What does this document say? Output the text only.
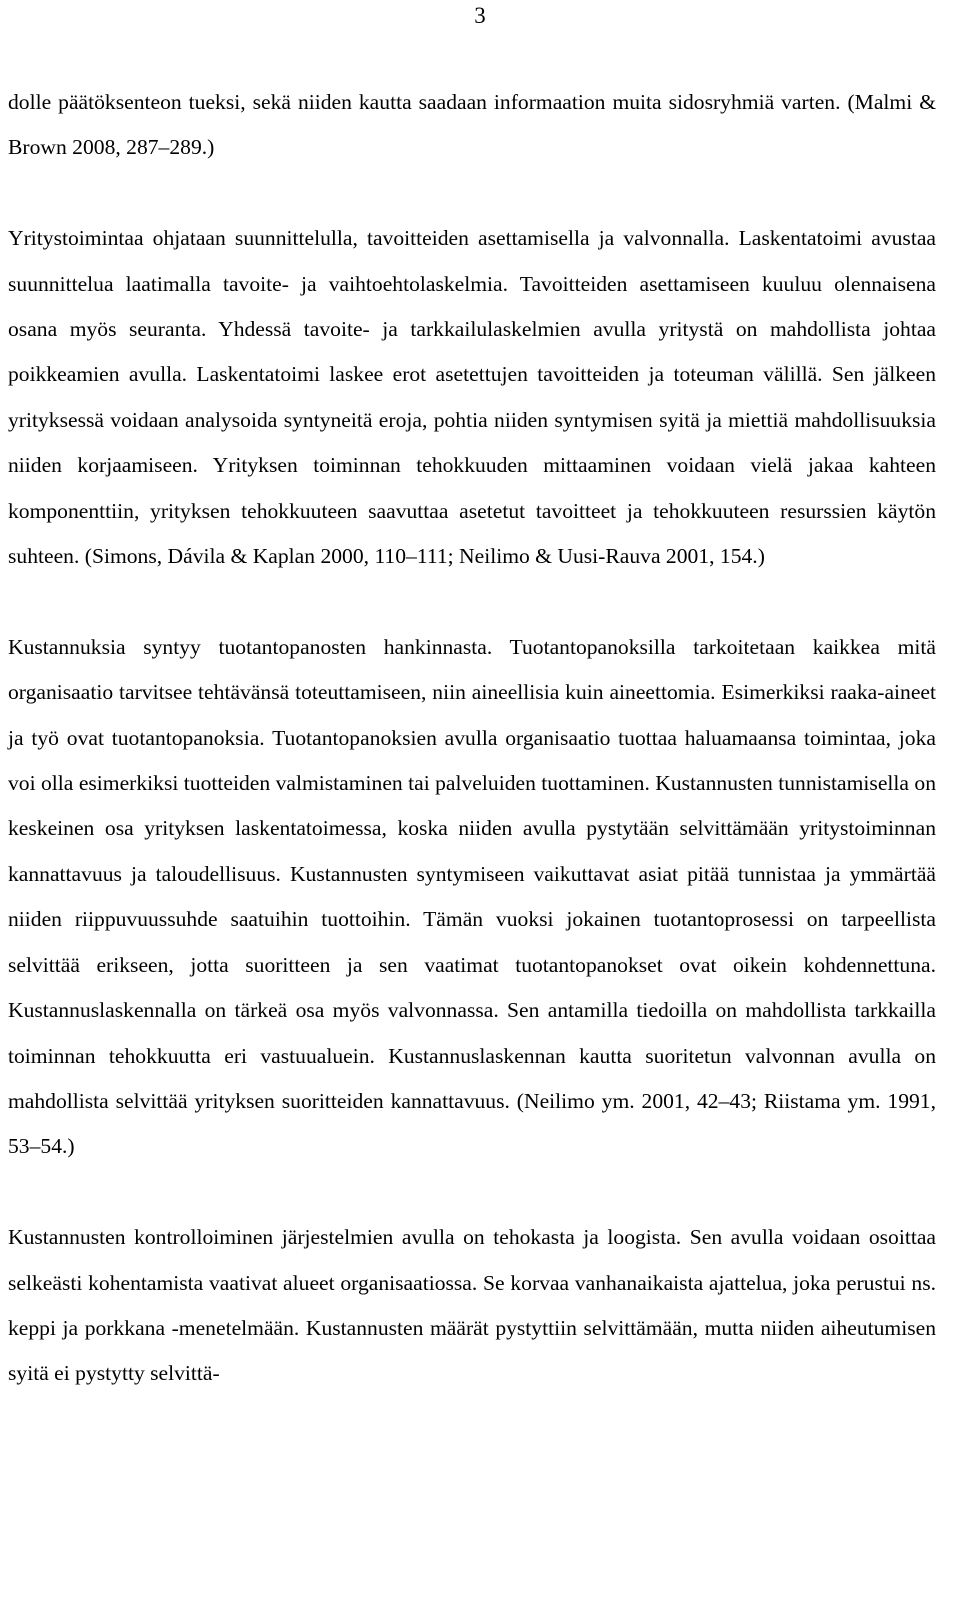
3

dolle päätöksenteon tueksi, sekä niiden kautta saadaan informaation muita sidosryhmiä varten. (Malmi & Brown 2008, 287–289.)

Yritystoimintaa ohjataan suunnittelulla, tavoitteiden asettamisella ja valvonnalla. Laskentatoimi avustaa suunnittelua laatimalla tavoite- ja vaihtoehtolaskelmia. Tavoitteiden asettamiseen kuuluu olennaisena osana myös seuranta. Yhdessä tavoite- ja tarkkailulaskelmien avulla yritystä on mahdollista johtaa poikkeamien avulla. Laskentatoimi laskee erot asetettujen tavoitteiden ja toteuman välillä. Sen jälkeen yrityksessä voidaan analysoida syntyneitä eroja, pohtia niiden syntymisen syitä ja miettiä mahdollisuuksia niiden korjaamiseen. Yrityksen toiminnan tehokkuuden mittaaminen voidaan vielä jakaa kahteen komponenttiin, yrityksen tehokkuuteen saavuttaa asetetut tavoitteet ja tehokkuuteen resurssien käytön suhteen. (Simons, Dávila & Kaplan 2000, 110–111; Neilimo & Uusi-Rauva 2001, 154.)

Kustannuksia syntyy tuotantopanosten hankinnasta. Tuotantopanoksilla tarkoitetaan kaikkea mitä organisaatio tarvitsee tehtävänsä toteuttamiseen, niin aineellisia kuin aineettomia. Esimerkiksi raaka-aineet ja työ ovat tuotantopanoksia. Tuotantopanoksien avulla organisaatio tuottaa haluamaansa toimintaa, joka voi olla esimerkiksi tuotteiden valmistaminen tai palveluiden tuottaminen. Kustannusten tunnistamisella on keskeinen osa yrityksen laskentatoimessa, koska niiden avulla pystytään selvittämään yritystoiminnan kannattavuus ja taloudellisuus. Kustannusten syntymiseen vaikuttavat asiat pitää tunnistaa ja ymmärtää niiden riippuvuussuhde saatuihin tuottoihin. Tämän vuoksi jokainen tuotantoprosessi on tarpeellista selvittää erikseen, jotta suoritteen ja sen vaatimat tuotantopanokset ovat oikein kohdennettuna. Kustannuslaskennalla on tärkeä osa myös valvonnassa. Sen antamilla tiedoilla on mahdollista tarkkailla toiminnan tehokkuutta eri vastuualuein. Kustannuslaskennan kautta suoritetun valvonnan avulla on mahdollista selvittää yrityksen suoritteiden kannattavuus. (Neilimo ym. 2001, 42–43; Riistama ym. 1991, 53–54.)

Kustannusten kontrolloiminen järjestelmien avulla on tehokasta ja loogista. Sen avulla voidaan osoittaa selkeästi kohentamista vaativat alueet organisaatiossa. Se korvaa vanhanaikaista ajattelua, joka perustui ns. keppi ja porkkana -menetelmään. Kustannusten määrät pystyttiin selvittämään, mutta niiden aiheutumisen syitä ei pystytty selvittä-
